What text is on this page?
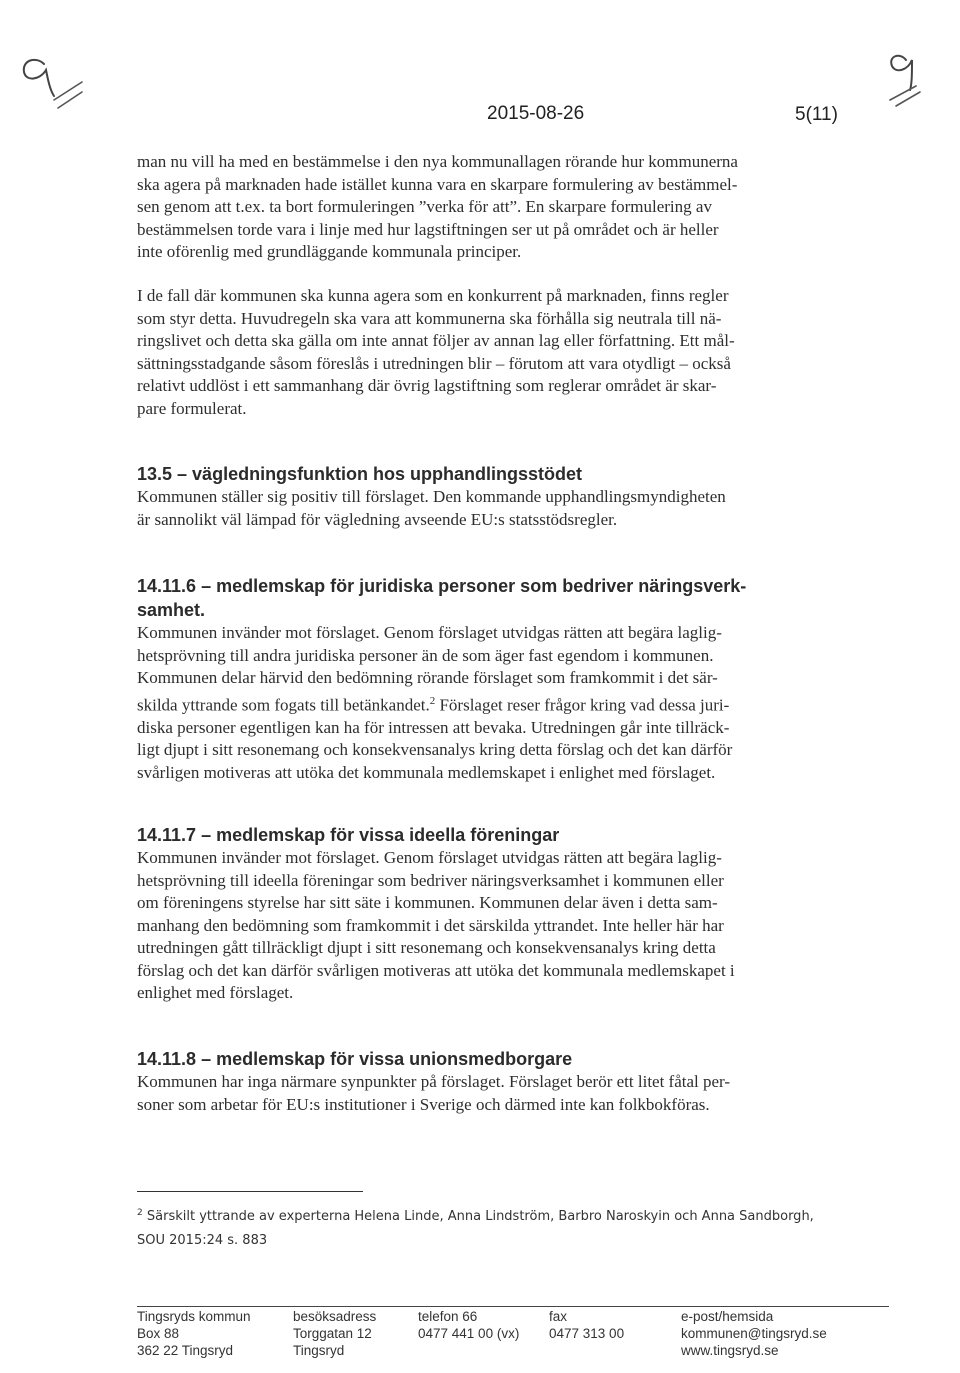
2015-08-26	5(11)

man nu vill ha med en bestämmelse i den nya kommunallagen rörande hur kommunerna
ska agera på marknaden hade istället kunna vara en skarpare formulering av bestämmel-
sen genom att t.ex. ta bort formuleringen ”verka för att”. En skarpare formulering av
bestämmelsen torde vara i linje med hur lagstiftningen ser ut på området och är heller
inte oförenlig med grundläggande kommunala principer.

I de fall där kommunen ska kunna agera som en konkurrent på marknaden, finns regler
som styr detta. Huvudregeln ska vara att kommunerna ska förhålla sig neutrala till nä-
ringslivet och detta ska gälla om inte annat följer av annan lag eller författning. Ett mål-
sättningsstadgande såsom föreslås i utredningen blir – förutom att vara otydligt – också
relativt uddlöst i ett sammanhang där övrig lagstiftning som reglerar området är skar-
pare formulerat.

13.5 – vägledningsfunktion hos upphandlingsstödet

Kommunen ställer sig positiv till förslaget. Den kommande upphandlingsmyndigheten
är sannolikt väl lämpad för vägledning avseende EU:s statsstödsregler.

14.11.6 – medlemskap för juridiska personer som bedriver näringsverk-
samhet.

Kommunen invänder mot förslaget. Genom förslaget utvidgas rätten att begära laglig-
hetsprövning till andra juridiska personer än de som äger fast egendom i kommunen.
Kommunen delar härvid den bedömning rörande förslaget som framkommit i det sär-
skilda yttrande som fogats till betänkandet.$^2$ Förslaget reser frågor kring vad dessa juri-
diska personer egentligen kan ha för intressen att bevaka. Utredningen går inte tillräck-
ligt djupt i sitt resonemang och konsekvensanalys kring detta förslag och det kan därför
svårligen motiveras att utöka det kommunala medlemskapet i enlighet med förslaget.

14.11.7 – medlemskap för vissa ideella föreningar

Kommunen invänder mot förslaget. Genom förslaget utvidgas rätten att begära laglig-
hetsprövning till ideella föreningar som bedriver näringsverksamhet i kommunen eller
om föreningens styrelse har sitt säte i kommunen. Kommunen delar även i detta sam-
manhang den bedömning som framkommit i det särskilda yttrandet. Inte heller här har
utredningen gått tillräckligt djupt i sitt resonemang och konsekvensanalys kring detta
förslag och det kan därför svårligen motiveras att utöka det kommunala medlemskapet i
enlighet med förslaget.

14.11.8 – medlemskap för vissa unionsmedborgare

Kommunen har inga närmare synpunkter på förslaget. Förslaget berör ett litet fåtal per-
soner som arbetar för EU:s institutioner i Sverige och därmed inte kan folkbokföras.

$^2$ Särskilt yttrande av experterna Helena Linde, Anna Lindström, Barbro Naroskyin och Anna Sandborgh,
SOU 2015:24 s. 883
Tingsryds kommun
Box 88
362 22 Tingsryd
besöksadress
Torggatan 12
Tingsryd
telefon 66
0477 441 00 (vx)
fax
0477 313 00
e-post/hemsida
kommunen@tingsryd.se
www.tingsryd.se
